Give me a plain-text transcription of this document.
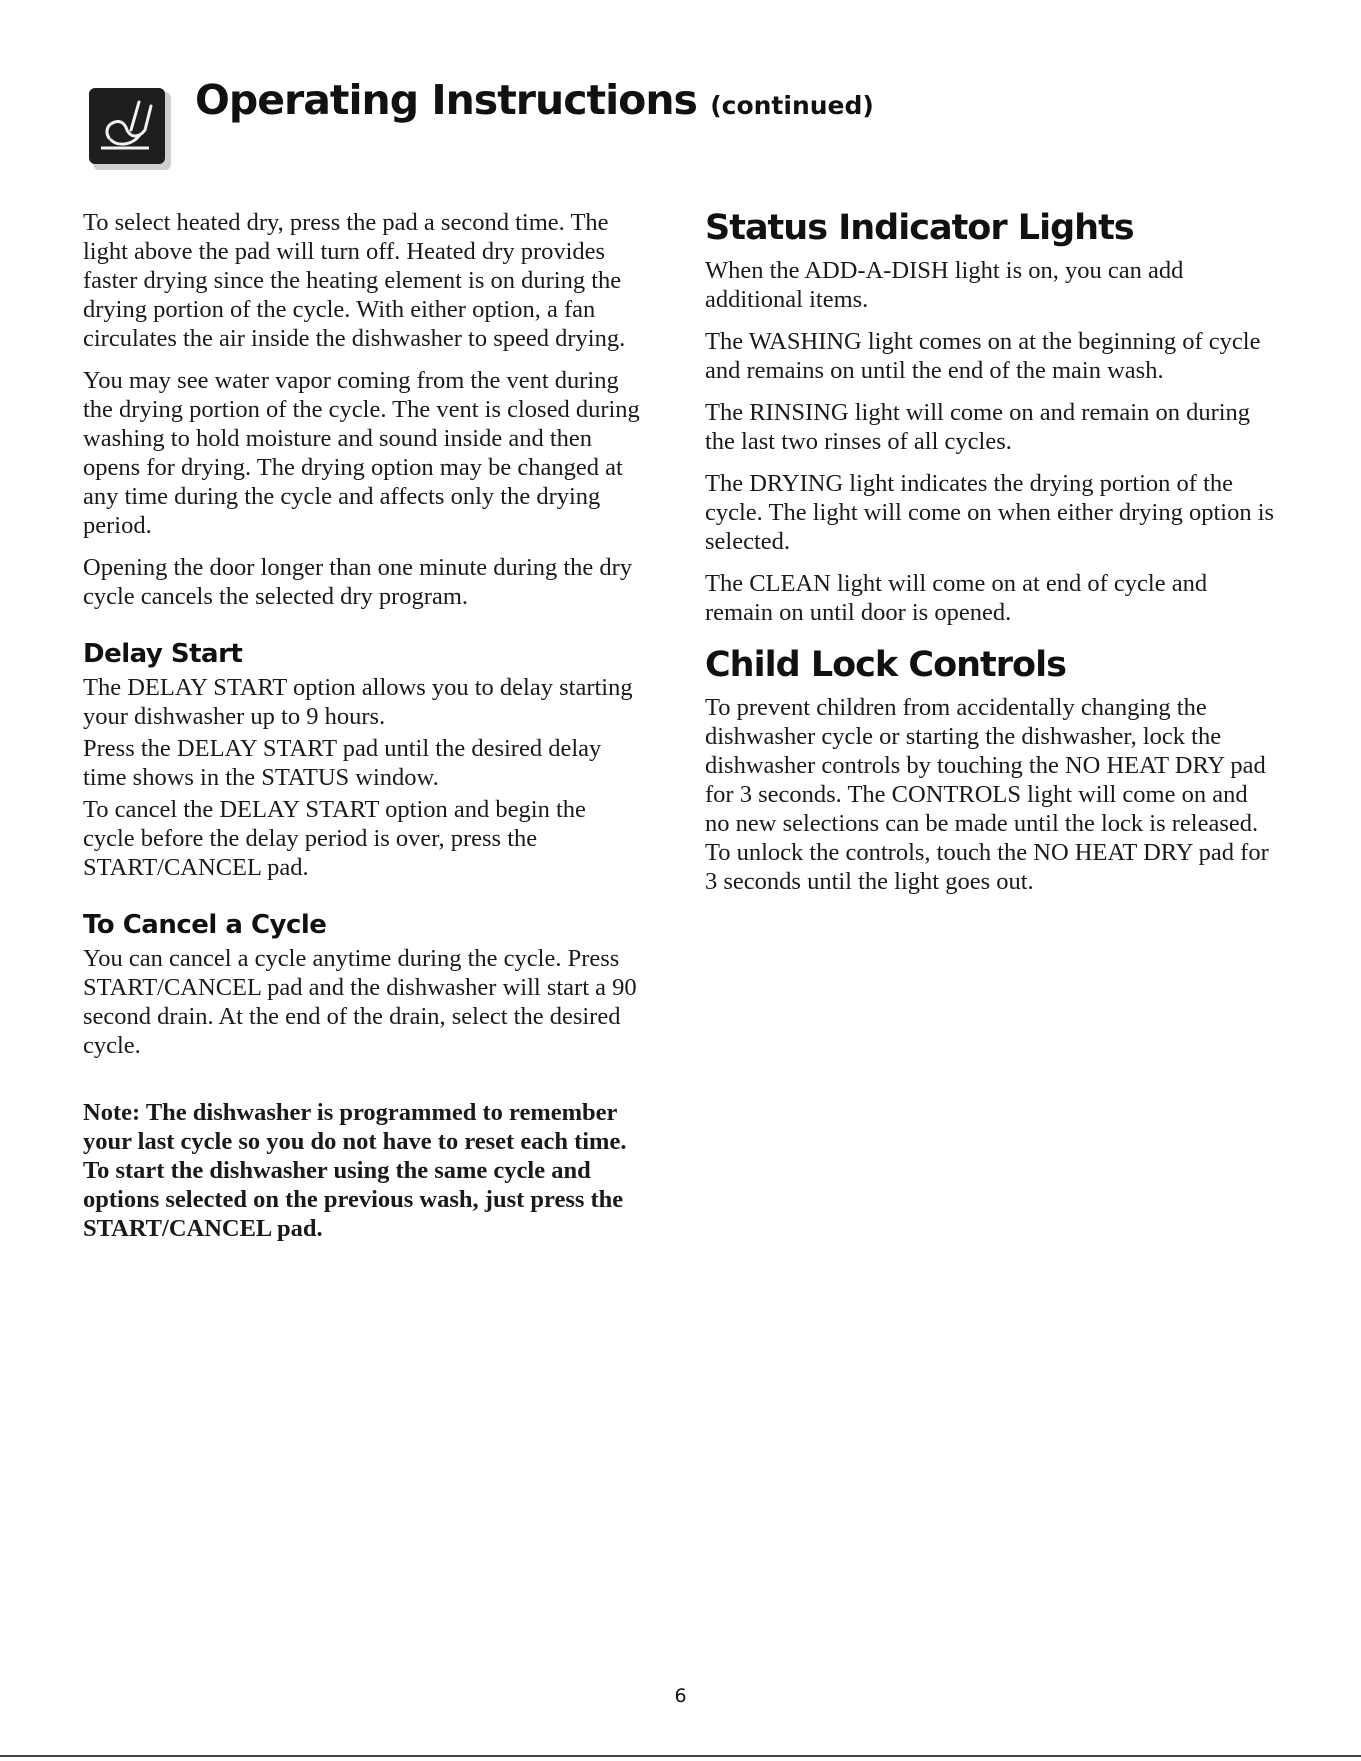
Operating Instructions (continued)

To select heated dry, press the pad a second time. The light above the pad will turn off. Heated dry provides faster drying since the heating element is on during the drying portion of the cycle. With either option, a fan circulates the air inside the dishwasher to speed drying.

You may see water vapor coming from the vent during the drying portion of the cycle. The vent is closed during washing to hold moisture and sound inside and then opens for drying. The drying option may be changed at any time during the cycle and affects only the drying period.

Opening the door longer than one minute during the dry cycle cancels the selected dry program.

Delay Start

The DELAY START option allows you to delay starting your dishwasher up to 9 hours.

Press the DELAY START pad until the desired delay time shows in the STATUS window.

To cancel the DELAY START option and begin the cycle before the delay period is over, press the START/CANCEL pad.

To Cancel a Cycle

You can cancel a cycle anytime during the cycle. Press START/CANCEL pad and the dishwasher will start a 90 second drain. At the end of the drain, select the desired cycle.

Note: The dishwasher is programmed to remember your last cycle so you do not have to reset each time. To start the dishwasher using the same cycle and options selected on the previous wash, just press the START/CANCEL pad.

Status Indicator Lights

When the ADD-A-DISH light is on, you can add additional items.

The WASHING light comes on at the beginning of cycle and remains on until the end of the main wash.

The RINSING light will come on and remain on during the last two rinses of all cycles.

The DRYING light indicates the drying portion of the cycle. The light will come on when either drying option is selected.

The CLEAN light will come on at end of cycle and remain on until door is opened.

Child Lock Controls

To prevent children from accidentally changing the dishwasher cycle or starting the dishwasher, lock the dishwasher controls by touching the NO HEAT DRY pad for 3 seconds. The CONTROLS light will come on and no new selections can be made until the lock is released. To unlock the controls, touch the NO HEAT DRY pad for 3 seconds until the light goes out.

6
